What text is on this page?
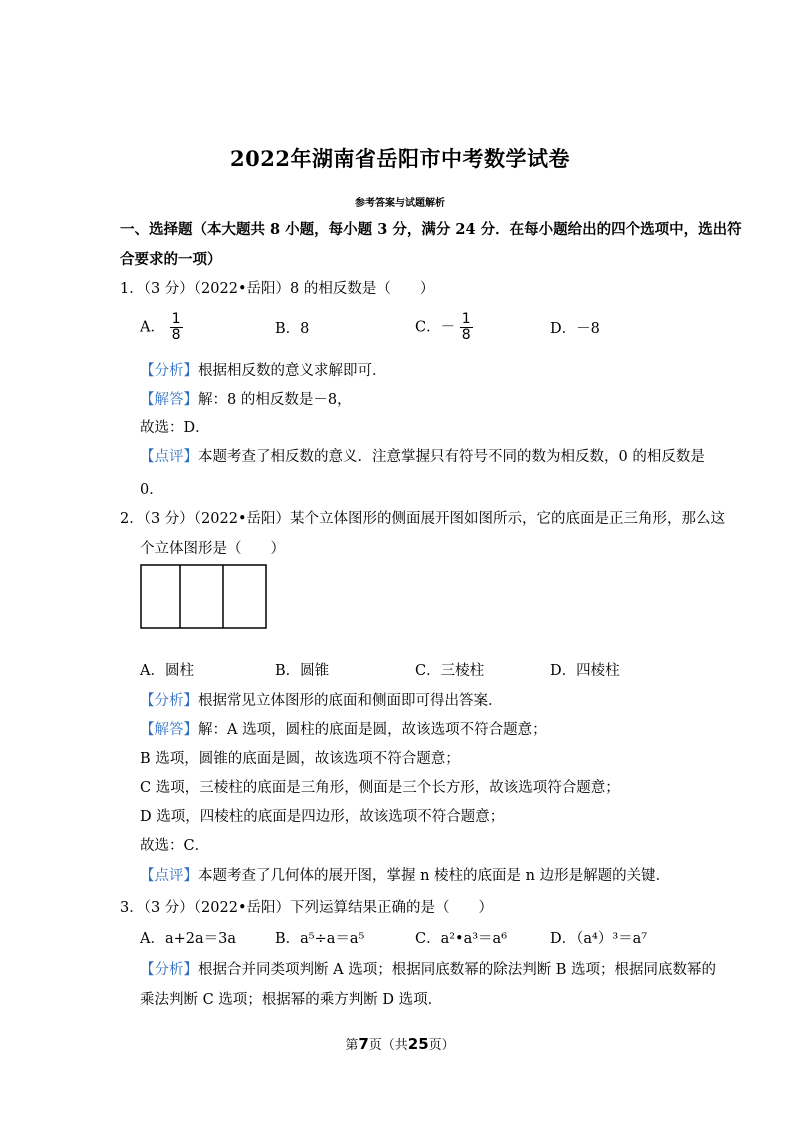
2022年湖南省岳阳市中考数学试卷
参考答案与试题解析
一、选择题（本大题共 8 小题，每小题 3 分，满分 24 分．在每小题给出的四个选项中，选出符
合要求的一项）
1．（3 分）（2022•岳阳）8 的相反数是（　　）
A． $\frac{1}{8}$	B．8	C．－ $\frac{1}{8}$	D．－8
【分析】根据相反数的意义求解即可．
【解答】解：8 的相反数是－8，
故选：D．
【点评】本题考查了相反数的意义．注意掌握只有符号不同的数为相反数，0 的相反数是
0．
2．（3 分）（2022•岳阳）某个立体图形的侧面展开图如图所示，它的底面是正三角形，那么这
个立体图形是（　　）
A．圆柱	B．圆锥	C．三棱柱	D．四棱柱
【分析】根据常见立体图形的底面和侧面即可得出答案．
【解答】解：A 选项，圆柱的底面是圆，故该选项不符合题意；
B 选项，圆锥的底面是圆，故该选项不符合题意；
C 选项，三棱柱的底面是三角形，侧面是三个长方形，故该选项符合题意；
D 选项，四棱柱的底面是四边形，故该选项不符合题意；
故选：C．
【点评】本题考查了几何体的展开图，掌握 n 棱柱的底面是 n 边形是解题的关键．
3．（3 分）（2022•岳阳）下列运算结果正确的是（　　）
A．a+2a＝3a	B．a⁵÷a＝a⁵	C．a²•a³＝a⁶	D．（a⁴）³＝a⁷
【分析】根据合并同类项判断 A 选项；根据同底数幂的除法判断 B 选项；根据同底数幂的
乘法判断 C 选项；根据幂的乘方判断 D 选项．
第7页（共25页）
